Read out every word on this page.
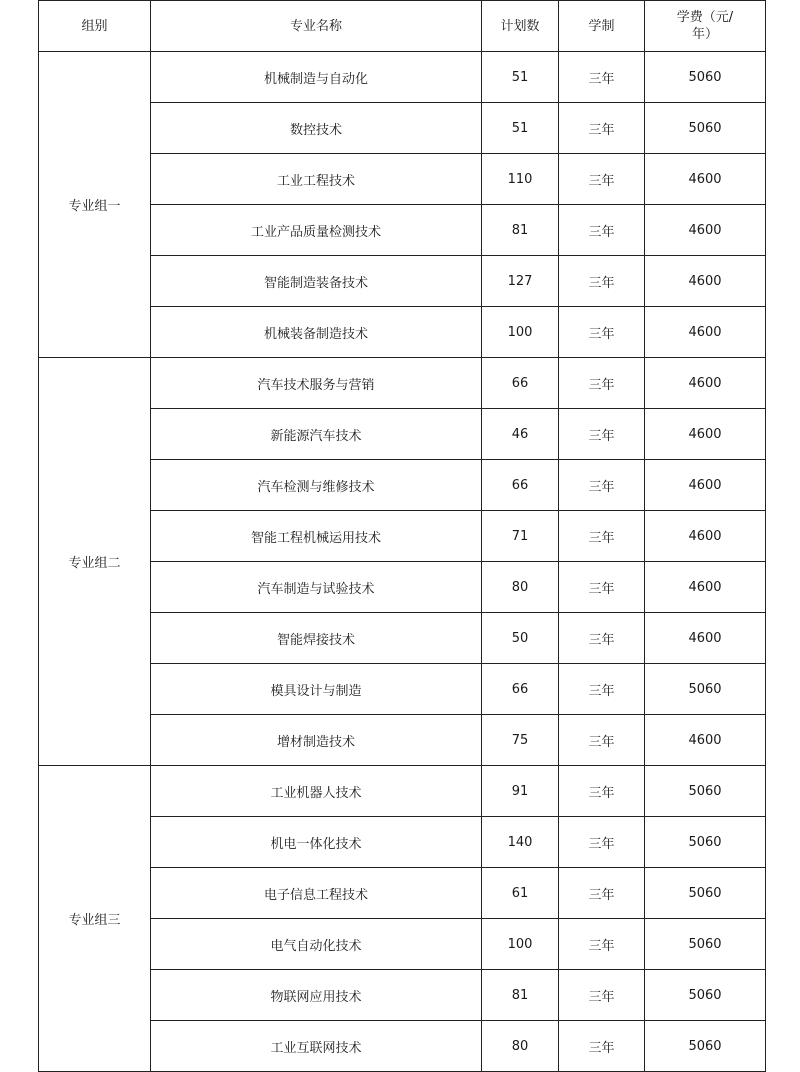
组别	专业名称	计划数	学制	学费（元/
年）

专业组一	机械制造与自动化	51	三年	5060
	数控技术	51	三年	5060
	工业工程技术	110	三年	4600
	工业产品质量检测技术	81	三年	4600
	智能制造装备技术	127	三年	4600
	机械装备制造技术	100	三年	4600
专业组二	汽车技术服务与营销	66	三年	4600
	新能源汽车技术	46	三年	4600
	汽车检测与维修技术	66	三年	4600
	智能工程机械运用技术	71	三年	4600
	汽车制造与试验技术	80	三年	4600
	智能焊接技术	50	三年	4600
	模具设计与制造	66	三年	5060
	增材制造技术	75	三年	4600
专业组三	工业机器人技术	91	三年	5060
	机电一体化技术	140	三年	5060
	电子信息工程技术	61	三年	5060
	电气自动化技术	100	三年	5060
	物联网应用技术	81	三年	5060
	工业互联网技术	80	三年	5060
